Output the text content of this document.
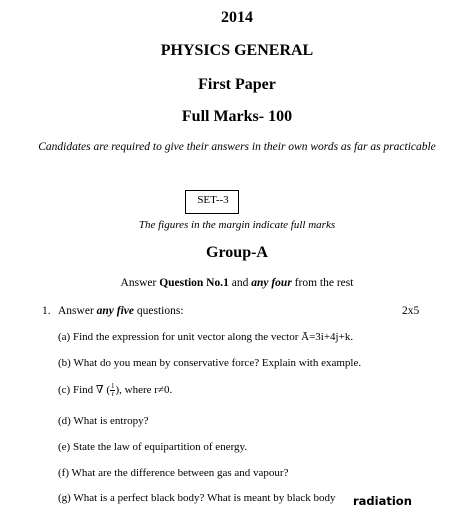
2014
PHYSICS GENERAL
First Paper
Full Marks- 100
Candidates are required to give their answers in their own words as far as practicable
SET--3
The figures in the margin indicate full marks
Group-A
Answer Question No.1 and any four from the rest
1. Answer any five questions:	2x5
(a) Find the expression for unit vector along the vector Ā=3i+4j+k.
(b) What do you mean by conservative force? Explain with example.
(c) Find ∇ ( $\frac{1}{r}$ ), where r≠0.
(d) What is entropy?
(e) State the law of equipartition of energy.
(f) What are the difference between gas and vapour?
(g) What is a perfect black body? What is meant by black body radiation
